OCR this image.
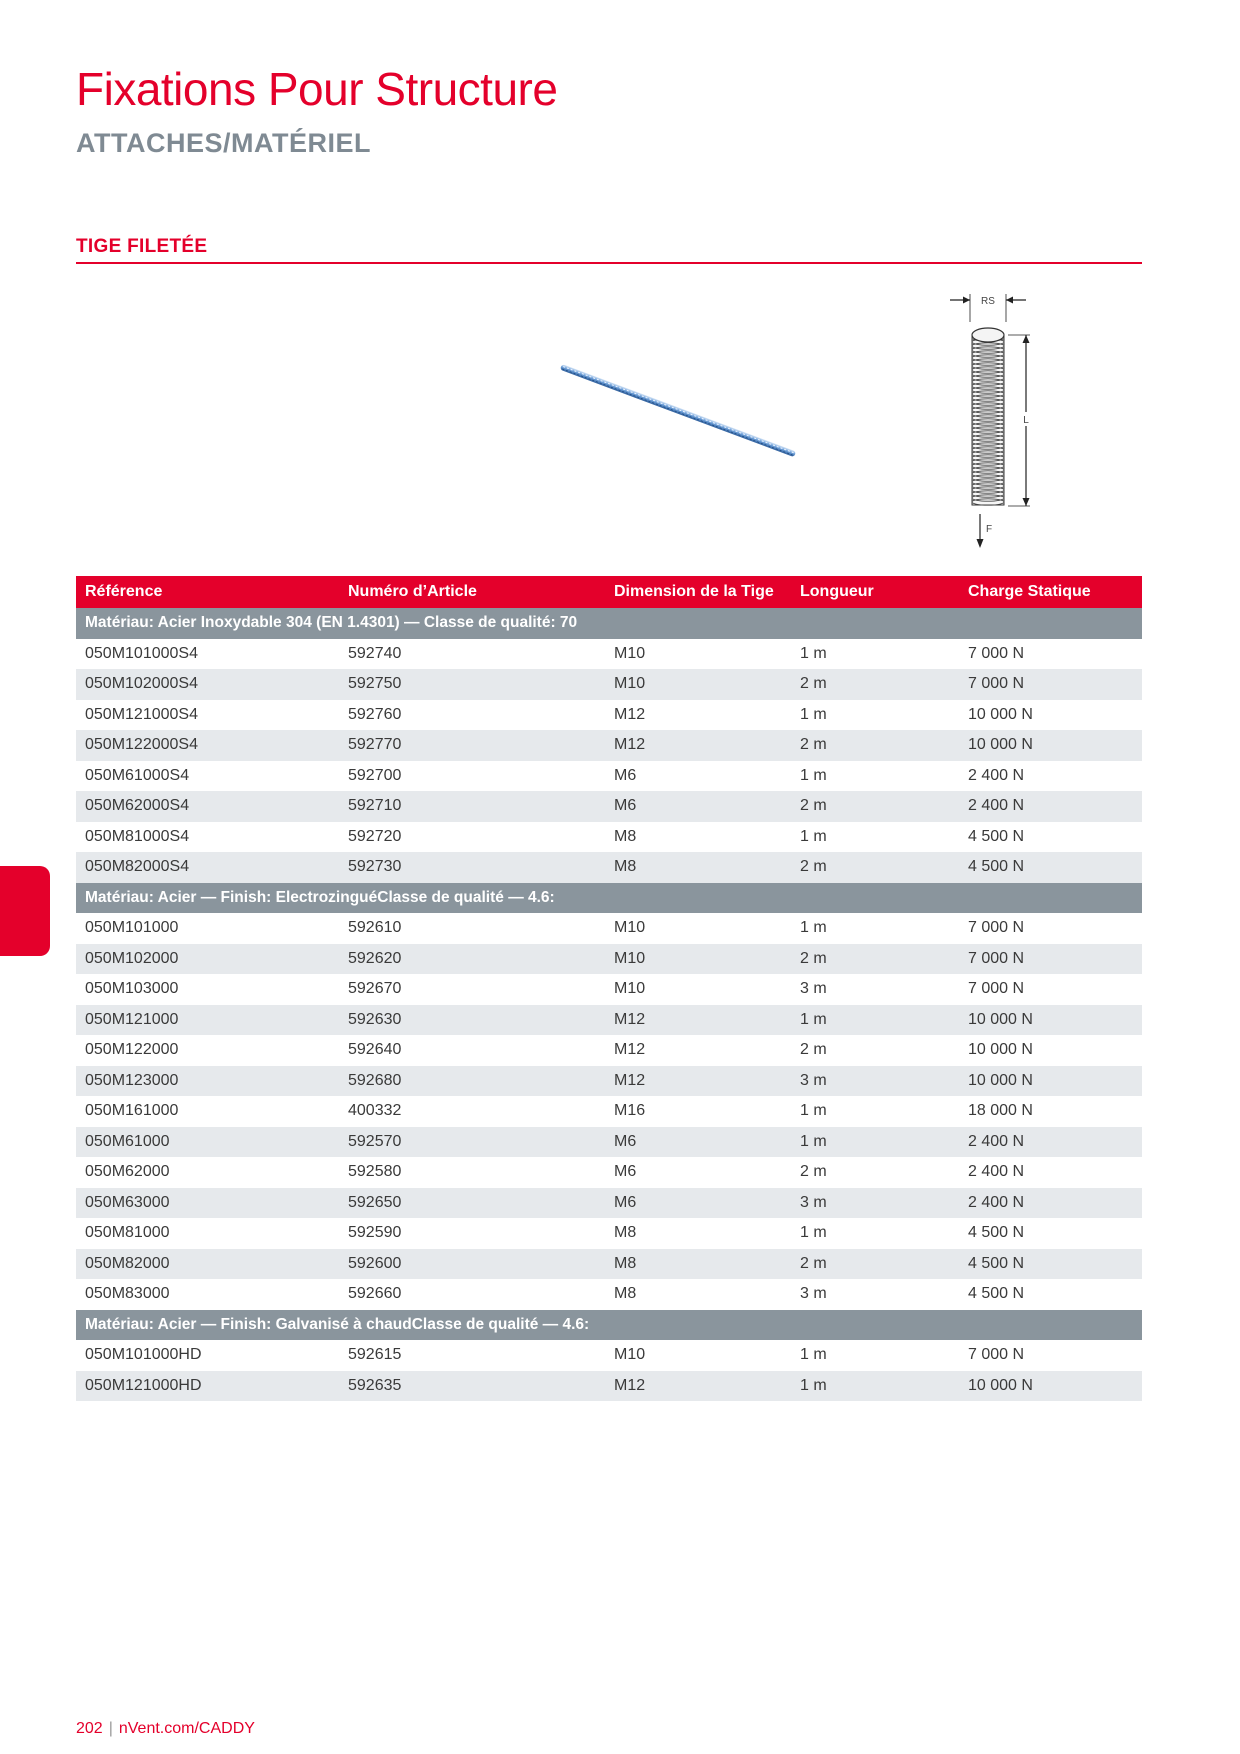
Fixations Pour Structure
ATTACHES/MATÉRIEL
TIGE FILETÉE
RS
L
F
Référence	Numéro d’Article	Dimension de la Tige	Longueur	Charge Statique
Matériau: Acier Inoxydable 304 (EN 1.4301) — Classe de qualité: 70				
050M101000S4	592740	M10	1 m	7 000 N
050M102000S4	592750	M10	2 m	7 000 N
050M121000S4	592760	M12	1 m	10 000 N
050M122000S4	592770	M12	2 m	10 000 N
050M61000S4	592700	M6	1 m	2 400 N
050M62000S4	592710	M6	2 m	2 400 N
050M81000S4	592720	M8	1 m	4 500 N
050M82000S4	592730	M8	2 m	4 500 N
Matériau: Acier — Finish: ElectrozinguéClasse de qualité — 4.6:				
050M101000	592610	M10	1 m	7 000 N
050M102000	592620	M10	2 m	7 000 N
050M103000	592670	M10	3 m	7 000 N
050M121000	592630	M12	1 m	10 000 N
050M122000	592640	M12	2 m	10 000 N
050M123000	592680	M12	3 m	10 000 N
050M161000	400332	M16	1 m	18 000 N
050M61000	592570	M6	1 m	2 400 N
050M62000	592580	M6	2 m	2 400 N
050M63000	592650	M6	3 m	2 400 N
050M81000	592590	M8	1 m	4 500 N
050M82000	592600	M8	2 m	4 500 N
050M83000	592660	M8	3 m	4 500 N
Matériau: Acier — Finish: Galvanisé à chaudClasse de qualité — 4.6:				
050M101000HD	592615	M10	1 m	7 000 N
050M121000HD	592635	M12	1 m	10 000 N
202 | nVent.com/CADDY
